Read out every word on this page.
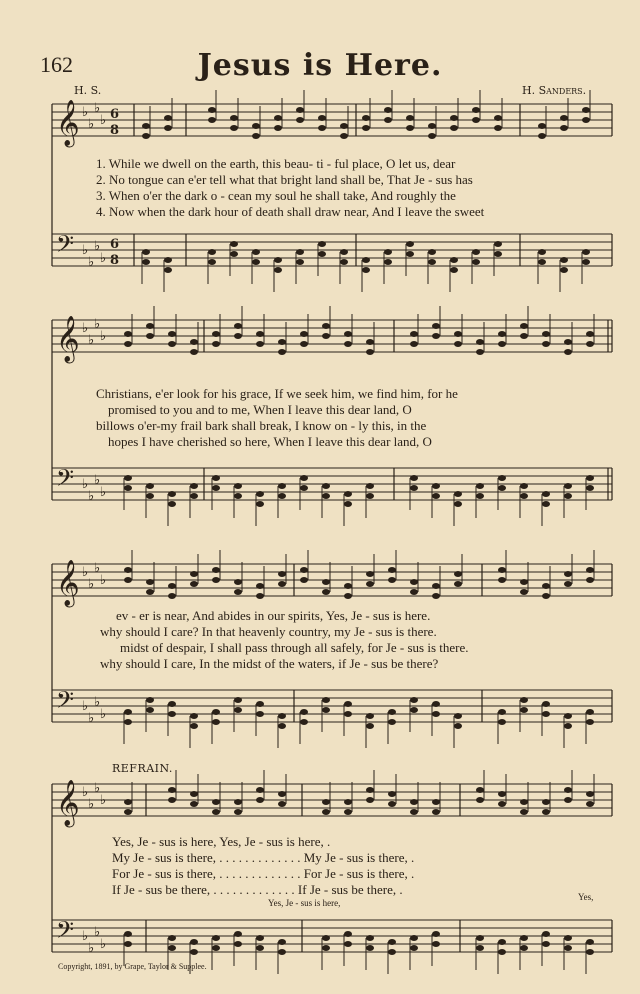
162	Jesus is Here.
H. S.	H. Sanders.
𝄞 ♭
♭
♭
♭ 6
8
𝄢 ♭
♭
♭
♭
6
8
𝄞 ♭
♭
♭
♭
𝄢 ♭
♭
♭
♭
𝄞 ♭
♭
♭
♭
𝄢 ♭
♭
♭
♭
𝄞 ♭
♭
♭
♭
𝄢 ♭
♭
♭
♭
1. While we dwell on the earth, this beau- ti - ful place, O let us, dear
2. No tongue can e'er tell what that bright land shall be, That Je - sus has
3. When o'er the dark o - cean my soul he shall take, And roughly the
4. Now when the dark hour of death shall draw near, And I leave the sweet
Christians, e'er look for his grace, If we seek him, we find him, for he
promised to you and to me, When I leave this dear land, O
billows o'er-my frail bark shall break, I know on - ly this, in the
hopes I have cherished so here, When I leave this dear land, O
ev - er is near, And abides in our spirits, Yes, Je - sus is here.
why should I care? In that heavenly country, my Je - sus is there.
midst of despair, I shall pass through all safely, for Je - sus is there.
why should I care, In the midst of the waters, if Je - sus be there?
REFRAIN.
Yes, Je - sus is here, Yes, Je - sus is here, .
My Je - sus is there, . . . . . . . . . . . . . My Je - sus is there, .
For Je - sus is there, . . . . . . . . . . . . . For Je - sus is there, .
If Je - sus be there, . . . . . . . . . . . . . If Je - sus be there, .
Yes, Je - sus is here,
Yes,
Copyright, 1891, by Grape, Taylor & Supplee.
